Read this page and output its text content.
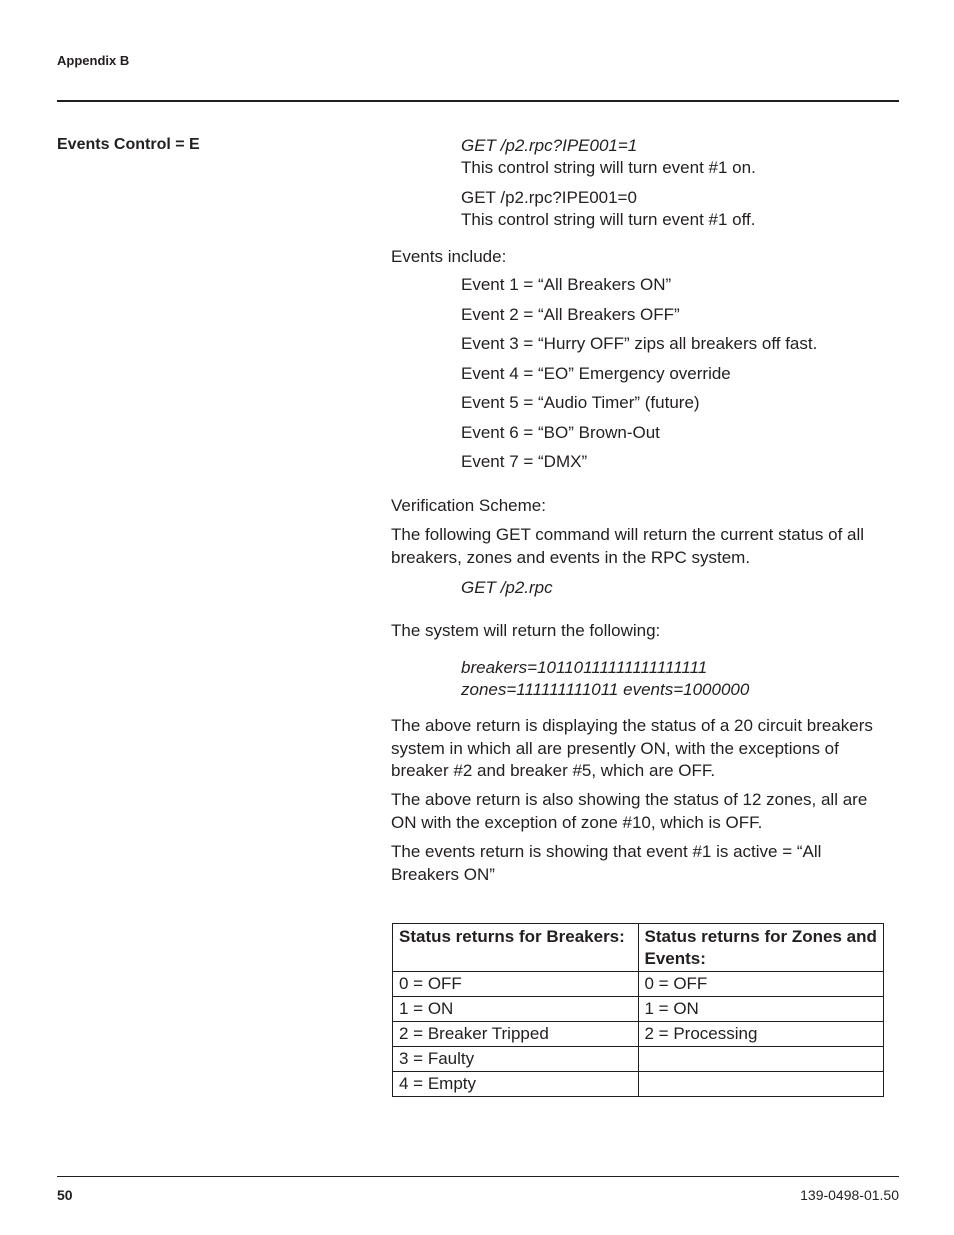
Appendix B
Events Control = E	GET /p2.rpc?IPE001=1
This control string will turn event #1 on.
GET /p2.rpc?IPE001=0
This control string will turn event #1 off.
Events include:
Event 1 = “All Breakers ON”
Event 2 = “All Breakers OFF”
Event 3 = “Hurry OFF” zips all breakers off fast.
Event 4 = “EO” Emergency override
Event 5 = “Audio Timer” (future)
Event 6 = “BO” Brown-Out
Event 7 = “DMX”
Verification Scheme:
The following GET command will return the current status of all breakers, zones and events in the RPC system.
GET /p2.rpc
The system will return the following:
breakers=10110111111111111111
zones=111111111011 events=1000000
The above return is displaying the status of a 20 circuit breakers system in which all are presently ON, with the exceptions of breaker #2 and breaker #5, which are OFF.
The above return is also showing the status of 12 zones, all are ON with the exception of zone #10, which is OFF.
The events return is showing that event #1 is active = “All Breakers ON”
Status returns for Breakers:	Status returns for Zones and Events:
0 = OFF	0 = OFF
1 = ON	1 = ON
2 = Breaker Tripped	2 = Processing
3 = Faulty	
4 = Empty	
50	139-0498-01.50
